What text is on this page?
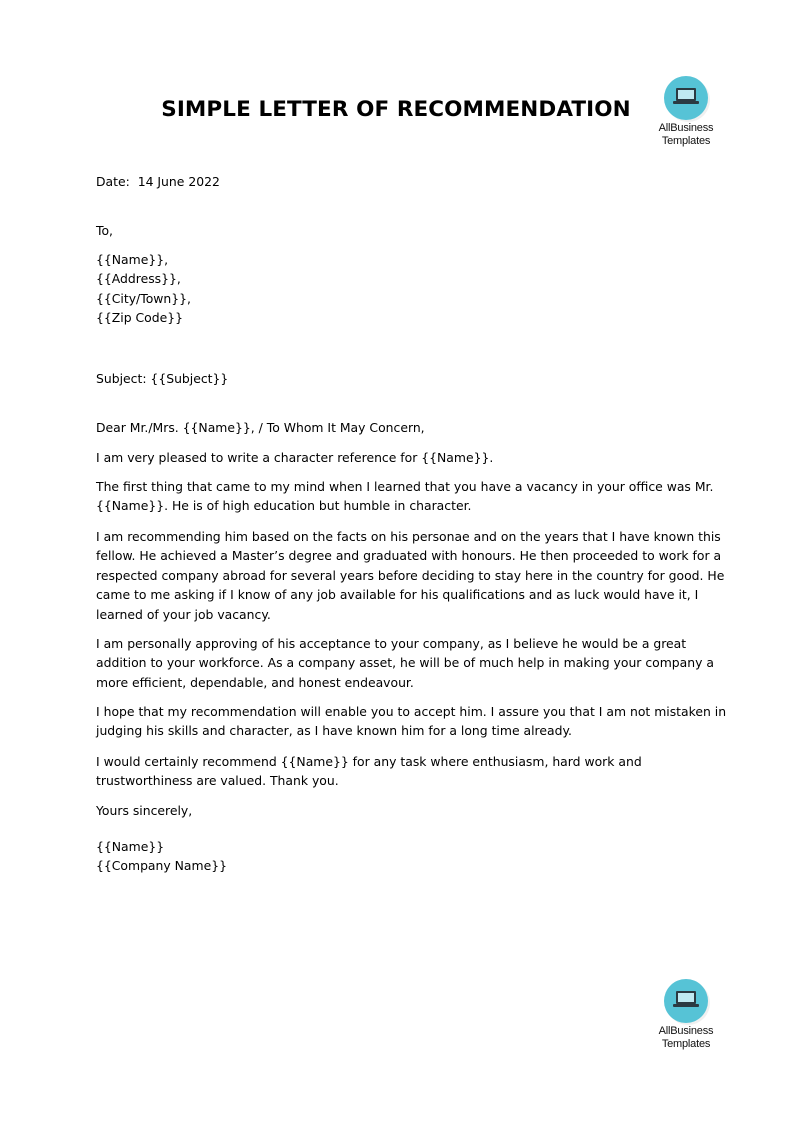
SIMPLE LETTER OF RECOMMENDATION
AllBusiness
Templates
Date: 14 June 2022
To,
{{Name}},
{{Address}},
{{City/Town}},
{{Zip Code}}
Subject: {{Subject}}
Dear Mr./Mrs. {{Name}}, / To Whom It May Concern,
I am very pleased to write a character reference for {{Name}}.
The first thing that came to my mind when I learned that you have a vacancy in your office was Mr.
{{Name}}. He is of high education but humble in character.
I am recommending him based on the facts on his personae and on the years that I have known this
fellow. He achieved a Master’s degree and graduated with honours. He then proceeded to work for a
respected company abroad for several years before deciding to stay here in the country for good. He
came to me asking if I know of any job available for his qualifications and as luck would have it, I
learned of your job vacancy.
I am personally approving of his acceptance to your company, as I believe he would be a great
addition to your workforce. As a company asset, he will be of much help in making your company a
more efficient, dependable, and honest endeavour.
I hope that my recommendation will enable you to accept him. I assure you that I am not mistaken in
judging his skills and character, as I have known him for a long time already.
I would certainly recommend {{Name}} for any task where enthusiasm, hard work and
trustworthiness are valued. Thank you.
Yours sincerely,
{{Name}}
{{Company Name}}
AllBusiness
Templates
